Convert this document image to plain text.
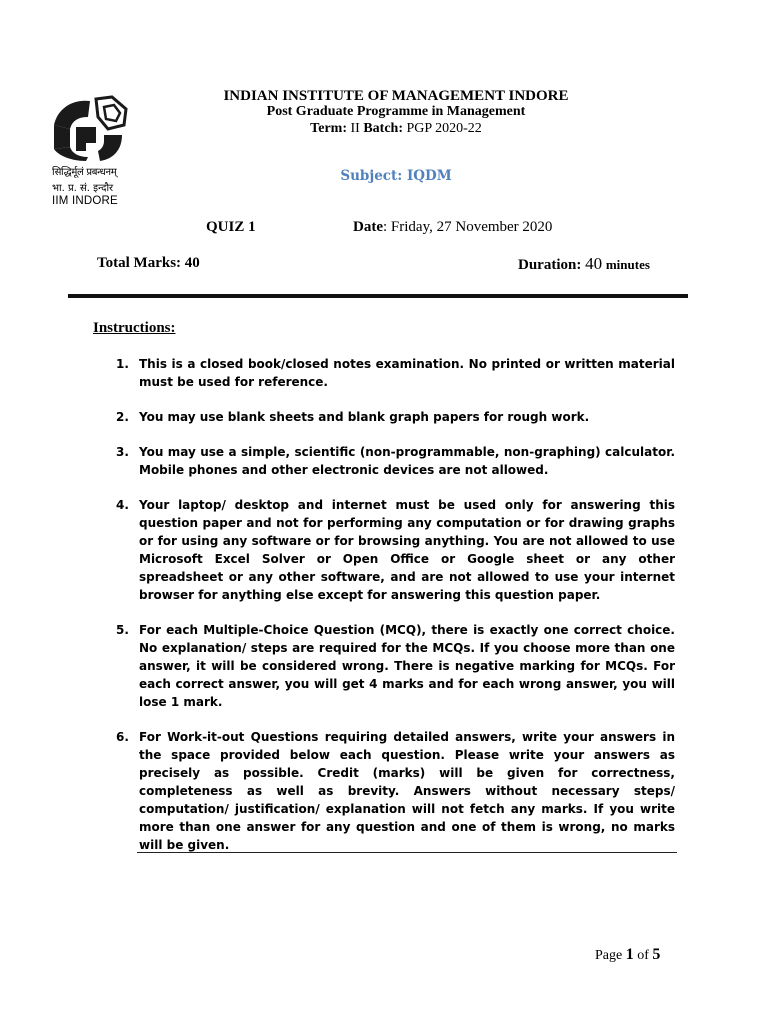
सिद्धिर्मूलं प्रबन्धनम्
भा. प्र. सं. इन्दौर
IIM INDORE
INDIAN INSTITUTE OF MANAGEMENT INDORE
Post Graduate Programme in Management
Term: II Batch: PGP 2020-22
Subject: IQDM
QUIZ 1	Date: Friday, 27 November 2020
Total Marks: 40	Duration: 40 minutes
Instructions:
1. This is a closed book/closed notes examination. No printed or written material must be used for reference.
2. You may use blank sheets and blank graph papers for rough work.
3. You may use a simple, scientific (non-programmable, non-graphing) calculator. Mobile phones and other electronic devices are not allowed.
4. Your laptop/ desktop and internet must be used only for answering this question paper and not for performing any computation or for drawing graphs or for using any software or for browsing anything. You are not allowed to use Microsoft Excel Solver or Open Office or Google sheet or any other spreadsheet or any other software, and are not allowed to use your internet browser for anything else except for answering this question paper.
5. For each Multiple-Choice Question (MCQ), there is exactly one correct choice. No explanation/ steps are required for the MCQs. If you choose more than one answer, it will be considered wrong. There is negative marking for MCQs. For each correct answer, you will get 4 marks and for each wrong answer, you will lose 1 mark.
6. For Work-it-out Questions requiring detailed answers, write your answers in the space provided below each question. Please write your answers as precisely as possible. Credit (marks) will be given for correctness, completeness as well as brevity. Answers without necessary steps/ computation/ justification/ explanation will not fetch any marks. If you write more than one answer for any question and one of them is wrong, no marks will be given.
Page 1 of 5
